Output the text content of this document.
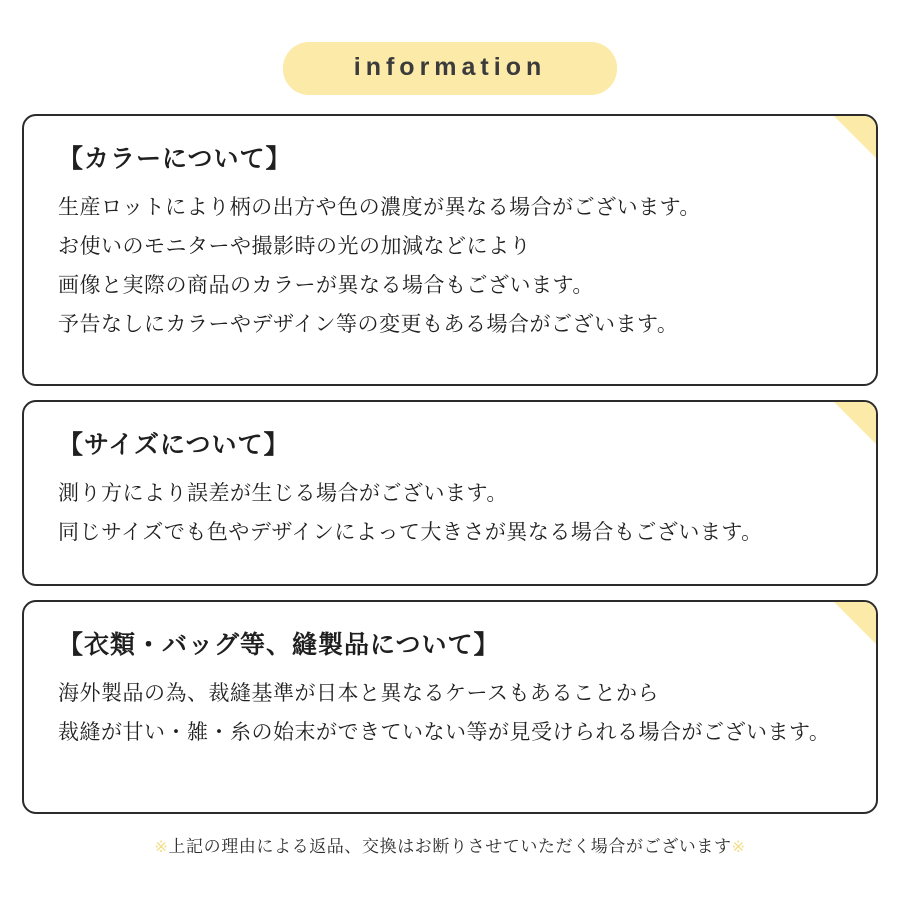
information
【カラーについて】
生産ロットにより柄の出方や色の濃度が異なる場合がございます。
お使いのモニターや撮影時の光の加減などにより
画像と実際の商品のカラーが異なる場合もございます。
予告なしにカラーやデザイン等の変更もある場合がございます。
【サイズについて】
測り方により誤差が生じる場合がございます。
同じサイズでも色やデザインによって大きさが異なる場合もございます。
【衣類・バッグ等、縫製品について】
海外製品の為、裁縫基準が日本と異なるケースもあることから
裁縫が甘い・雑・糸の始末ができていない等が見受けられる場合がございます。
※上記の理由による返品、交換はお断りさせていただく場合がございます※
